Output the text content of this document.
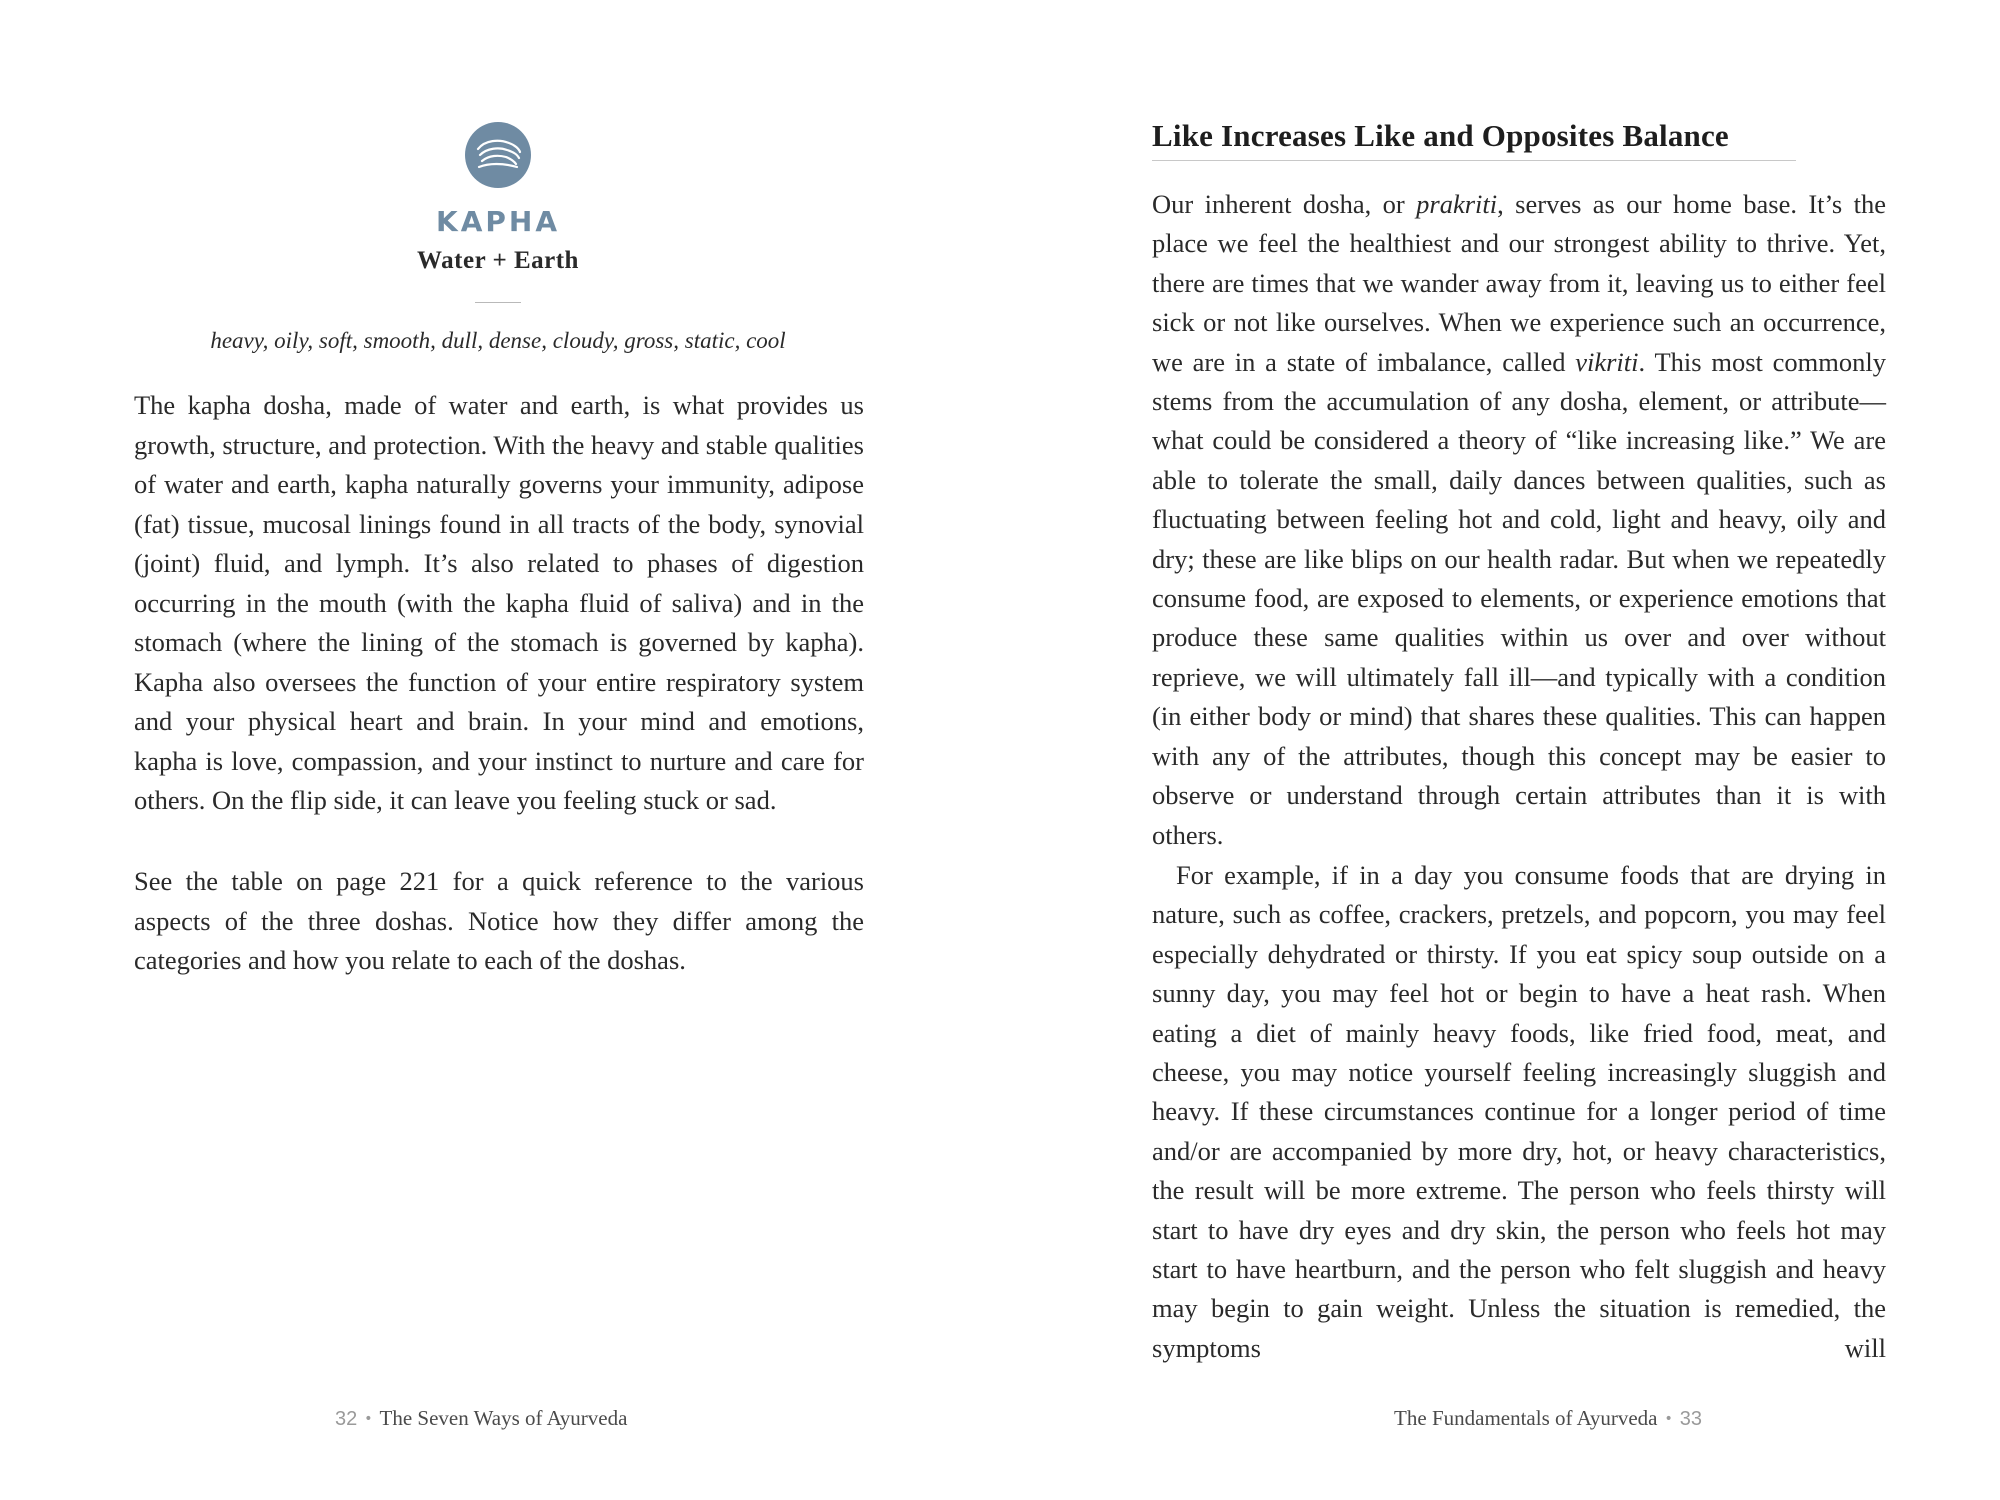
KAPHA
Water + Earth
heavy, oily, soft, smooth, dull, dense, cloudy, gross, static, cool

The kapha dosha, made of water and earth, is what provides us growth, structure, and protection. With the heavy and stable qualities of water and earth, kapha naturally governs your immunity, adipose (fat) tissue, mucosal linings found in all tracts of the body, synovial (joint) fluid, and lymph. It’s also related to phases of digestion occurring in the mouth (with the kapha fluid of saliva) and in the stomach (where the lining of the stomach is governed by kapha). Kapha also oversees the function of your entire respiratory system and your physical heart and brain. In your mind and emotions, kapha is love, compassion, and your instinct to nurture and care for others. On the flip side, it can leave you feeling stuck or sad.

See the table on page 221 for a quick reference to the various aspects of the three doshas. Notice how they differ among the categories and how you relate to each of the doshas.

32 • The Seven Ways of Ayurveda
Like Increases Like and Opposites Balance

Our inherent dosha, or prakriti, serves as our home base. It’s the place we feel the healthiest and our strongest ability to thrive. Yet, there are times that we wander away from it, leaving us to either feel sick or not like ourselves. When we experience such an occurrence, we are in a state of imbalance, called vikriti. This most commonly stems from the accumulation of any dosha, element, or attribute—what could be considered a theory of “like increasing like.” We are able to tolerate the small, daily dances between qualities, such as fluctuating between feeling hot and cold, light and heavy, oily and dry; these are like blips on our health radar. But when we repeatedly consume food, are exposed to elements, or experience emotions that produce these same qualities within us over and over without reprieve, we will ultimately fall ill—and typically with a condition (in either body or mind) that shares these qualities. This can happen with any of the attributes, though this concept may be easier to observe or understand through certain attributes than it is with others.

For example, if in a day you consume foods that are drying in nature, such as coffee, crackers, pretzels, and popcorn, you may feel especially dehydrated or thirsty. If you eat spicy soup outside on a sunny day, you may feel hot or begin to have a heat rash. When eating a diet of mainly heavy foods, like fried food, meat, and cheese, you may notice yourself feeling increasingly sluggish and heavy. If these circumstances continue for a longer period of time and/or are accompanied by more dry, hot, or heavy characteristics, the result will be more extreme. The person who feels thirsty will start to have dry eyes and dry skin, the person who feels hot may start to have heartburn, and the person who felt sluggish and heavy may begin to gain weight. Unless the situation is remedied, the symptoms will

The Fundamentals of Ayurveda • 33
